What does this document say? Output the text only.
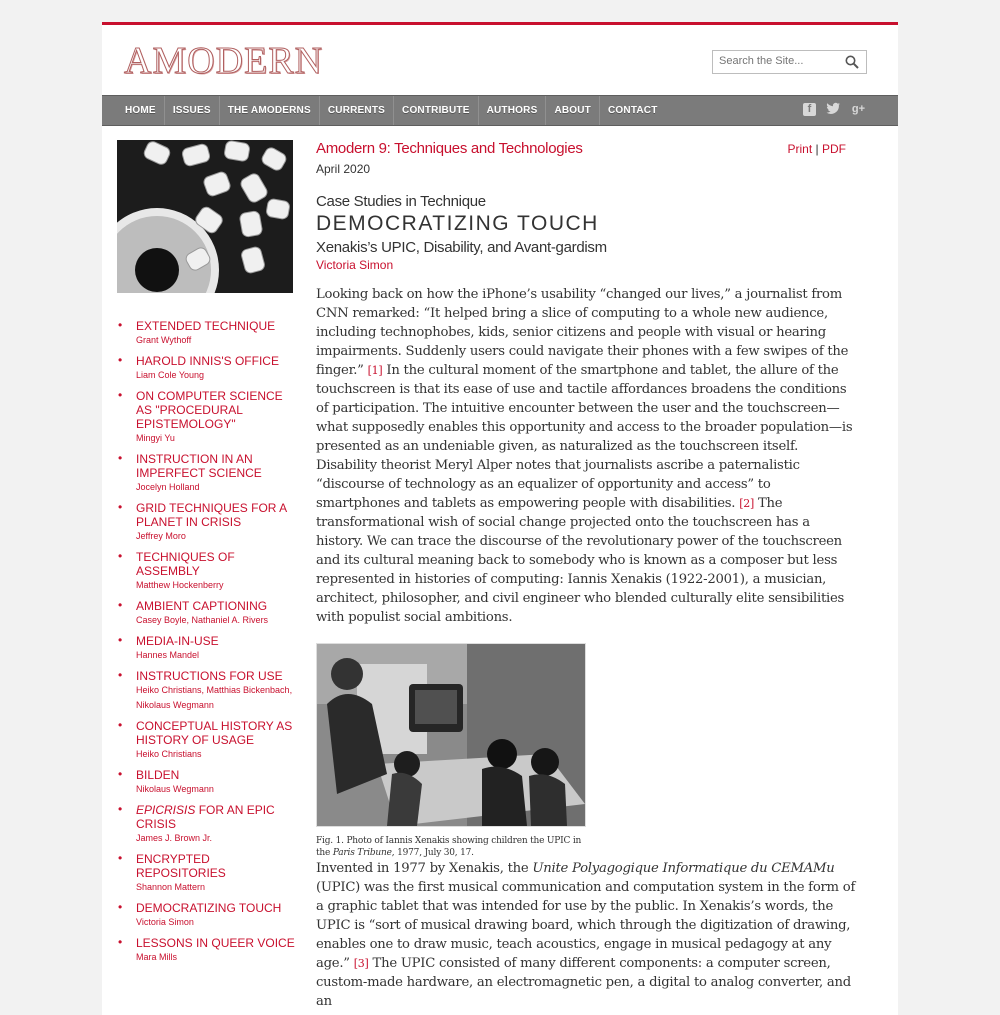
AMODERN
Search the Site...
HOME	ISSUES	THE AMODERNS	CURRENTS	CONTRIBUTE	AUTHORS	ABOUT	CONTACT	f	g+
• EXTENDED TECHNIQUE
Grant Wythoff
• HAROLD INNIS'S OFFICE
Liam Cole Young
• ON COMPUTER SCIENCE AS "PROCEDURAL EPISTEMOLOGY"
Mingyi Yu
• INSTRUCTION IN AN IMPERFECT SCIENCE
Jocelyn Holland
• GRID TECHNIQUES FOR A PLANET IN CRISIS
Jeffrey Moro
• TECHNIQUES OF ASSEMBLY
Matthew Hockenberry
• AMBIENT CAPTIONING
Casey Boyle, Nathaniel A. Rivers
• MEDIA-IN-USE
Hannes Mandel
• INSTRUCTIONS FOR USE
Heiko Christians, Matthias Bickenbach, Nikolaus Wegmann
• CONCEPTUAL HISTORY AS HISTORY OF USAGE
Heiko Christians
• BILDEN
Nikolaus Wegmann
• EPICRISIS FOR AN EPIC CRISIS
James J. Brown Jr.
• ENCRYPTED REPOSITORIES
Shannon Mattern
• DEMOCRATIZING TOUCH
Victoria Simon
• LESSONS IN QUEER VOICE
Mara Mills
Amodern 9: Techniques and Technologies	Print | PDF
April 2020
Case Studies in Technique
DEMOCRATIZING TOUCH
Xenakis’s UPIC, Disability, and Avant-gardism
Victoria Simon

Looking back on how the iPhone’s usability “changed our lives,” a journalist from CNN remarked: “It helped bring a slice of computing to a whole new audience, including technophobes, kids, senior citizens and people with visual or hearing impairments. Suddenly users could navigate their phones with a few swipes of the finger.” [1] In the cultural moment of the smartphone and tablet, the allure of the touchscreen is that its ease of use and tactile affordances broadens the conditions of participation. The intuitive encounter between the user and the touchscreen—what supposedly enables this opportunity and access to the broader population—is presented as an undeniable given, as naturalized as the touchscreen itself. Disability theorist Meryl Alper notes that journalists ascribe a paternalistic “discourse of technology as an equalizer of opportunity and access” to smartphones and tablets as empowering people with disabilities. [2] The transformational wish of social change projected onto the touchscreen has a history. We can trace the discourse of the revolutionary power of the touchscreen and its cultural meaning back to somebody who is known as a composer but less represented in histories of computing: Iannis Xenakis (1922-2001), a musician, architect, philosopher, and civil engineer who blended culturally elite sensibilities with populist social ambitions.

Fig. 1. Photo of Iannis Xenakis showing children the UPIC in the Paris Tribune, 1977, July 30, 17.

Invented in 1977 by Xenakis, the Unite Polyagogique Informatique du CEMAMu (UPIC) was the first musical communication and computation system in the form of a graphic tablet that was intended for use by the public. In Xenakis’s words, the UPIC is “sort of musical drawing board, which through the digitization of drawing, enables one to draw music, teach acoustics, engage in musical pedagogy at any age.” [3] The UPIC consisted of many different components: a computer screen, custom-made hardware, an electromagnetic pen, a digital to analog converter, and an
